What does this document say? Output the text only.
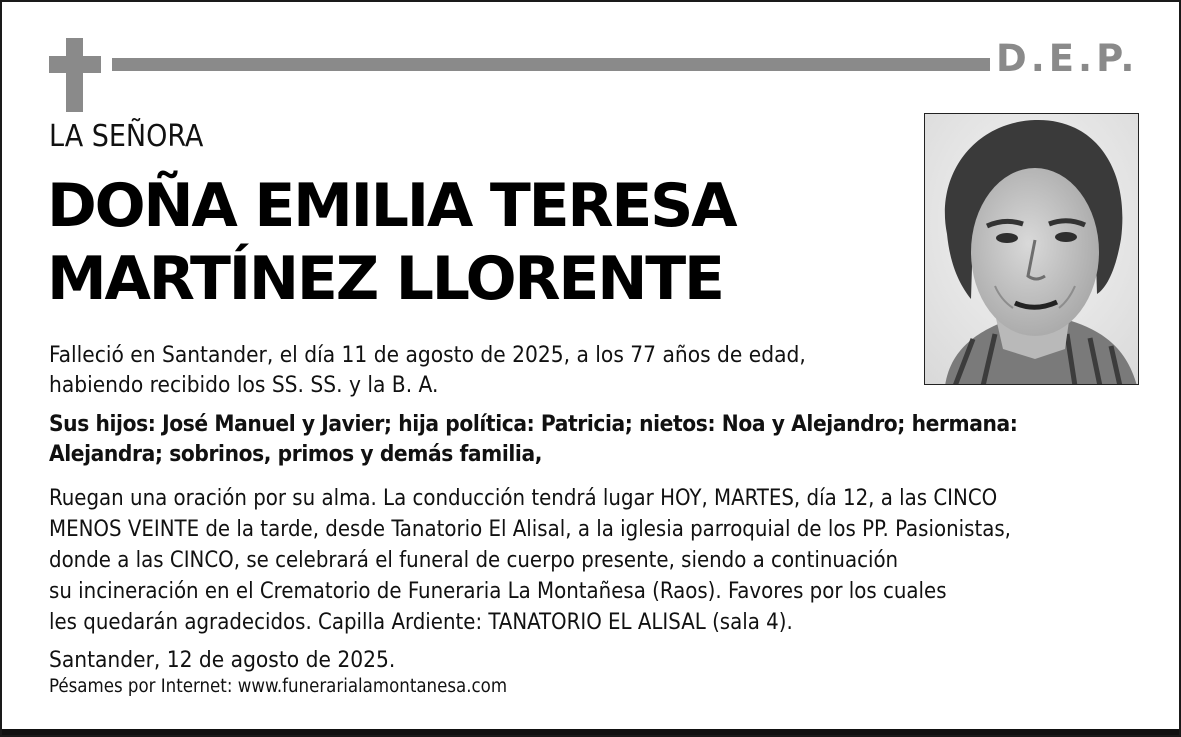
D.E.P.
LA SEÑORA
DOÑA EMILIA TERESA
MARTÍNEZ LLORENTE
Falleció en Santander, el día 11 de agosto de 2025, a los 77 años de edad,
habiendo recibido los SS. SS. y la B. A.
Sus hijos: José Manuel y Javier; hija política: Patricia; nietos: Noa y Alejandro; hermana:
Alejandra; sobrinos, primos y demás familia,
Ruegan una oración por su alma. La conducción tendrá lugar HOY, MARTES, día 12, a las CINCO
MENOS VEINTE de la tarde, desde Tanatorio El Alisal, a la iglesia parroquial de los PP. Pasionistas,
donde a las CINCO, se celebrará el funeral de cuerpo presente, siendo a continuación
su incineración en el Crematorio de Funeraria La Montañesa (Raos). Favores por los cuales
les quedarán agradecidos. Capilla Ardiente: TANATORIO EL ALISAL (sala 4).
Santander, 12 de agosto de 2025.
Pésames por Internet: www.funerarialamontanesa.com
